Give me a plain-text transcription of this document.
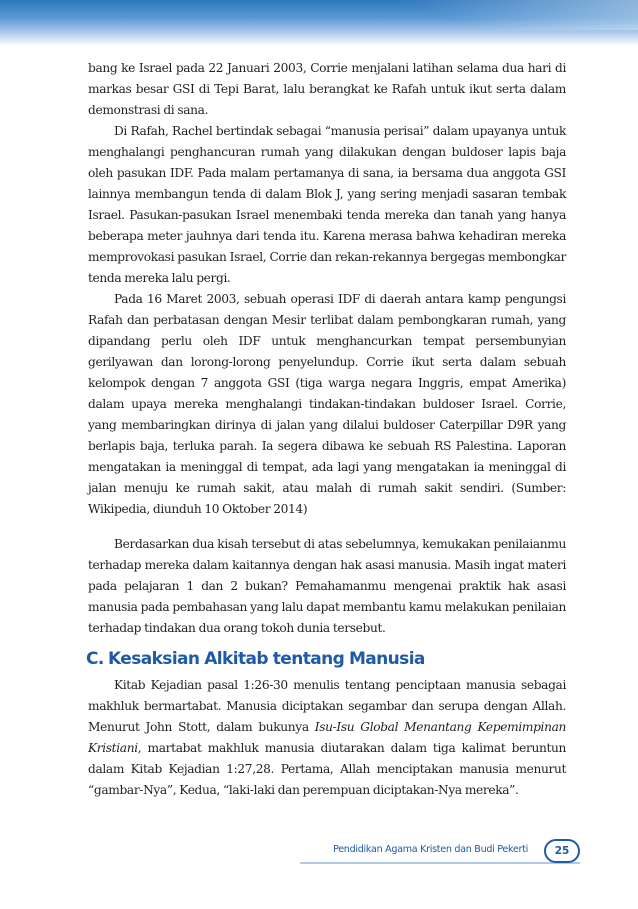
bang ke Israel pada 22 Januari 2003, Corrie menjalani latihan selama dua hari di markas besar GSI di Tepi Barat, lalu berangkat ke Rafah untuk ikut serta dalam demonstrasi di sana.

Di Rafah, Rachel bertindak sebagai “manusia perisai” dalam upayanya untuk menghalangi penghancuran rumah yang dilakukan dengan buldoser lapis baja oleh pasukan IDF. Pada malam pertamanya di sana, ia bersama dua anggota GSI lainnya membangun tenda di dalam Blok J, yang sering menjadi sasaran tembak Israel. Pasukan-pasukan Israel menembaki tenda mereka dan tanah yang hanya beberapa meter jauhnya dari tenda itu. Karena merasa bahwa kehadiran mereka memprovokasi pasukan Israel, Corrie dan rekan-rekannya bergegas membongkar tenda mereka lalu pergi.

Pada 16 Maret 2003, sebuah operasi IDF di daerah antara kamp pengungsi Rafah dan perbatasan dengan Mesir terlibat dalam pembongkaran rumah, yang dipandang perlu oleh IDF untuk menghancurkan tempat persembunyian gerilyawan dan lorong-lorong penyelundup. Corrie ikut serta dalam sebuah kelompok dengan 7 anggota GSI (tiga warga negara Inggris, empat Amerika) dalam upaya mereka menghalangi tindakan-tindakan buldoser Israel. Corrie, yang membaringkan dirinya di jalan yang dilalui buldoser Caterpillar D9R yang berlapis baja, terluka parah. Ia segera dibawa ke sebuah RS Palestina. Laporan mengatakan ia meninggal di tempat, ada lagi yang mengatakan ia meninggal di jalan menuju ke rumah sakit, atau malah di rumah sakit sendiri. (Sumber: Wikipedia, diunduh 10 Oktober 2014)

Berdasarkan dua kisah tersebut di atas sebelumnya, kemukakan penilaianmu terhadap mereka dalam kaitannya dengan hak asasi manusia. Masih ingat materi pada pelajaran 1 dan 2 bukan? Pemahamanmu mengenai praktik hak asasi manusia pada pembahasan yang lalu dapat membantu kamu melakukan penilaian terhadap tindakan dua orang tokoh dunia tersebut.

C. Kesaksian Alkitab tentang Manusia

Kitab Kejadian pasal 1:26-30 menulis tentang penciptaan manusia sebagai makhluk bermartabat. Manusia diciptakan segambar dan serupa dengan Allah. Menurut John Stott, dalam bukunya Isu-Isu Global Menantang Kepemimpinan Kristiani, martabat makhluk manusia diutarakan dalam tiga kalimat beruntun dalam Kitab Kejadian 1:27,28. Pertama, Allah menciptakan manusia menurut “gambar-Nya”, Kedua, “laki-laki dan perempuan diciptakan-Nya mereka”.

Pendidikan Agama Kristen dan Budi Pekerti	25
